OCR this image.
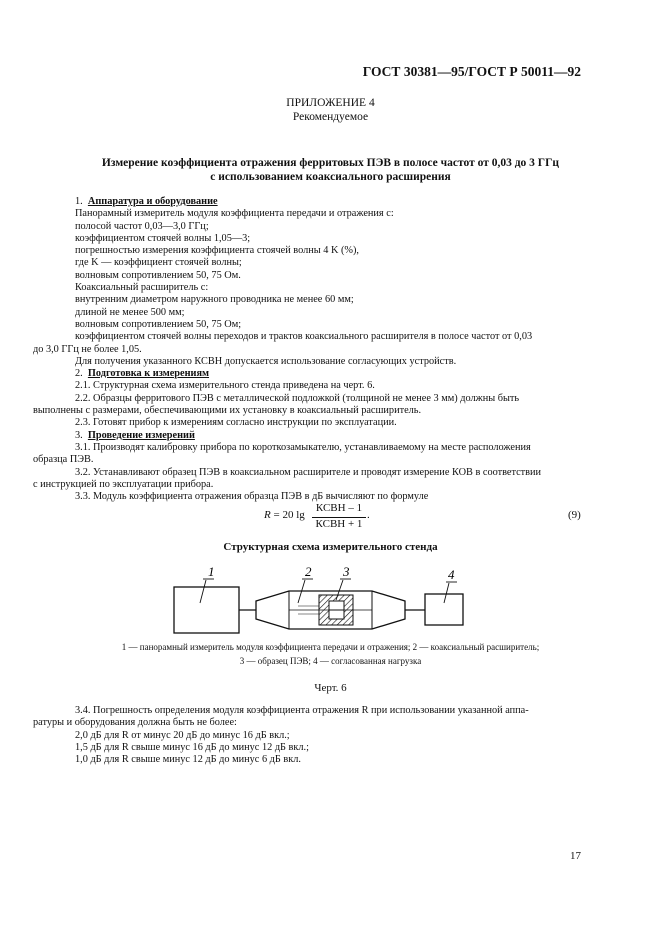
ГОСТ 30381—95/ГОСТ Р 50011—92
ПРИЛОЖЕНИЕ 4
Рекомендуемое
Измерение коэффициента отражения ферритовых ПЭВ в полосе частот от 0,03 до 3 ГГц
с использованием коаксиального расширения

1. Аппаратура и оборудование

Панорамный измеритель модуля коэффициента передачи и отражения с:

полосой частот 0,03—3,0 ГГц;

коэффициентом стоячей волны 1,05—3;

погрешностью измерения коэффициента стоячей волны 4 K (%),

где K — коэффициент стоячей волны;

волновым сопротивлением 50, 75 Ом.

Коаксиальный расширитель с:

внутренним диаметром наружного проводника не менее 60 мм;

длиной не менее 500 мм;

волновым сопротивлением 50, 75 Ом;

коэффициентом стоячей волны переходов и трактов коаксиального расширителя в полосе частот от 0,03

до 3,0 ГГц не более 1,05.

Для получения указанного КСВН допускается использование согласующих устройств.

2. Подготовка к измерениям

2.1. Структурная схема измерительного стенда приведена на черт. 6.

2.2. Образцы ферритового ПЭВ с металлической подложкой (толщиной не менее 3 мм) должны быть

выполнены с размерами, обеспечивающими их установку в коаксиальный расширитель.

2.3. Готовят прибор к измерениям согласно инструкции по эксплуатации.

3. Проведение измерений

3.1. Производят калибровку прибора по короткозамыкателю, устанавливаемому на месте расположения

образца ПЭВ.

3.2. Устанавливают образец ПЭВ в коаксиальном расширителе и проводят измерение КОВ в соответствии

с инструкцией по эксплуатации прибора.

3.3. Модуль коэффициента отражения образца ПЭВ в дБ вычисляют по формуле

R = 20 lg
КСВН – 1
КСВН + 1
.	(9)
Структурная схема измерительного стенда
1	2 3	4
1 — панорамный измеритель модуля коэффициента передачи и отражения; 2 — коаксиальный расширитель;
3 — образец ПЭВ; 4 — согласованная нагрузка
Черт. 6

3.4. Погрешность определения модуля коэффициента отражения R при использовании указанной аппа-

ратуры и оборудования должна быть не более:

2,0 дБ для R от минус 20 дБ до минус 16 дБ вкл.;

1,5 дБ для R свыше минус 16 дБ до минус 12 дБ вкл.;

1,0 дБ для R свыше минус 12 дБ до минус 6 дБ вкл.

17
